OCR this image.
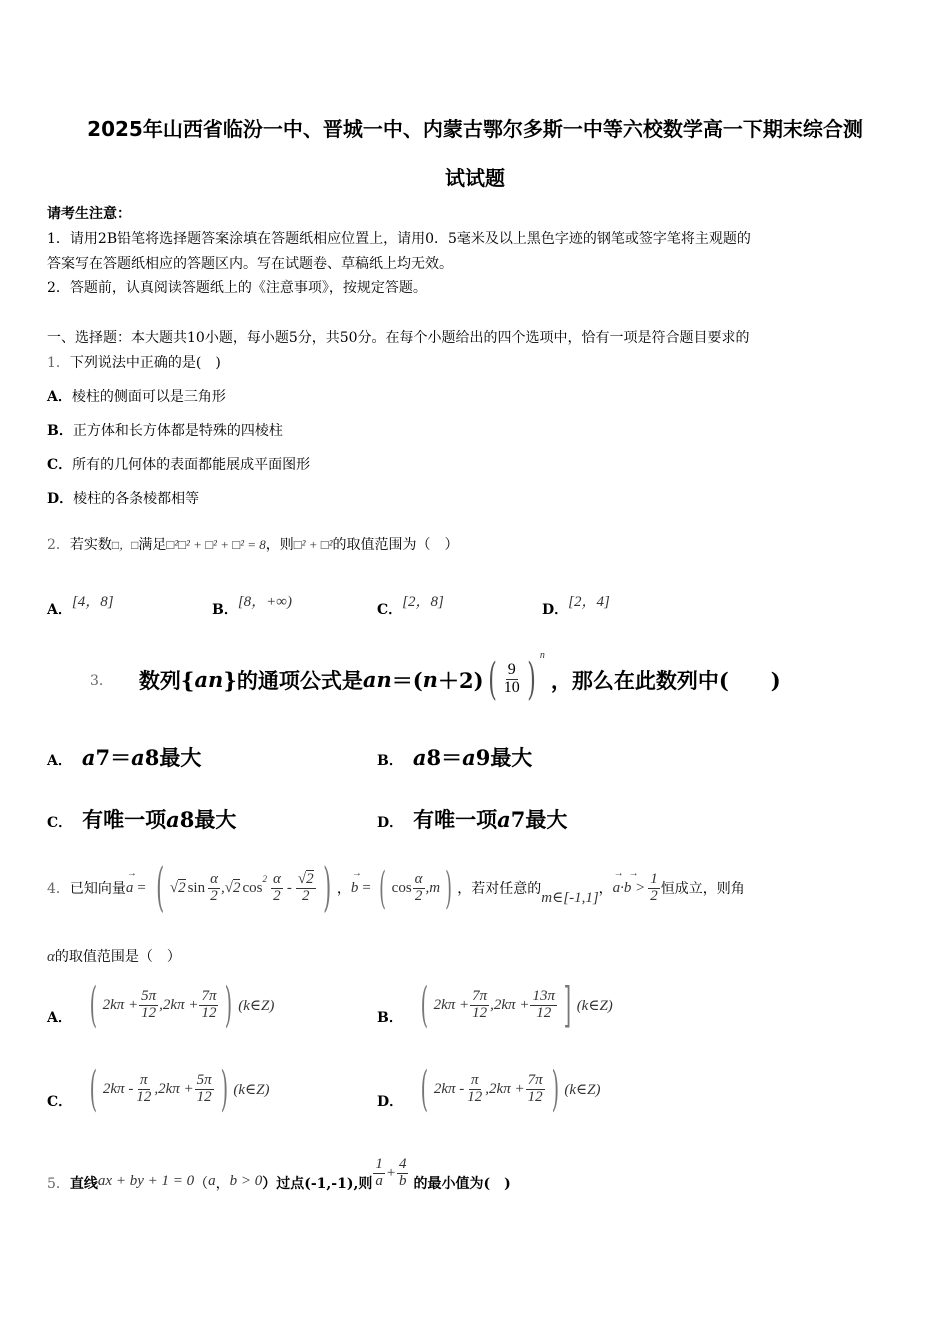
2025年山西省临汾一中、晋城一中、内蒙古鄂尔多斯一中等六校数学高一下期末综合测
试试题
请考生注意：
1．请用2B铅笔将选择题答案涂填在答题纸相应位置上，请用0．5毫米及以上黑色字迹的钢笔或签字笔将主观题的
答案写在答题纸相应的答题区内。写在试题卷、草稿纸上均无效。
2．答题前，认真阅读答题纸上的《注意事项》，按规定答题。
一、选择题：本大题共10小题，每小题5分，共50分。在每个小题给出的四个选项中，恰有一项是符合题目要求的
1．下列说法中正确的是(　)
A．棱柱的侧面可以是三角形
B．正方体和长方体都是特殊的四棱柱
C．所有的几何体的表面都能展成平面图形
D．棱柱的各条棱都相等
2．若实数□，□满足□²□² + □² + □² = 8，则□² + □²的取值范围为（　）
A．[4，8]	B．[8，+∞)	C．[2，8]	D．[2，4]
3． 数列{ a n }的通项公式是 a n ＝( n ＋2) ( $\frac{9}{10}$ ) $^n$
，那么在此数列中(　　)
A． a 7 ＝ a 8 最大	B． a 8 ＝ a 9 最大
C． 有唯一项 a 8 最大	D． 有唯一项 a 7 最大
4． 已知向量
→
a = ( √2 $\sin \frac{\alpha}{2}$ , √2 cos
$^2 \frac{\alpha}{2} - \frac{√2}{2}$ ) ，
→
b = ( $\cos \frac{\alpha}{2}$ , m ) ，若对任意的
m∈[-1,1]
，
→  →
$a\cdot b > \frac{1}{2}$ 恒成立，则角
α的取值范围是（　）
A． ( $2k\pi + \frac{5\pi}{12}$ , $2k\pi + \frac{7\pi}{12}$ ) (k∈Z)
B． ( $2k\pi + \frac{7\pi}{12}$ , $2k\pi + \frac{13\pi}{12}$ ] (k∈Z)
C． ( $2k\pi - \frac{\pi}{12}$ , $2k\pi + \frac{5\pi}{12}$ ) (k∈Z)
D． ( $2k\pi - \frac{\pi}{12}$ , $2k\pi + \frac{7\pi}{12}$ ) (k∈Z)
5． 直线 ax + by + 1 = 0 （ a ， b > 0 ）过点(-1,-1),则 $\frac{1}{a} + \frac{4}{b}$ 的最小值为(　)
